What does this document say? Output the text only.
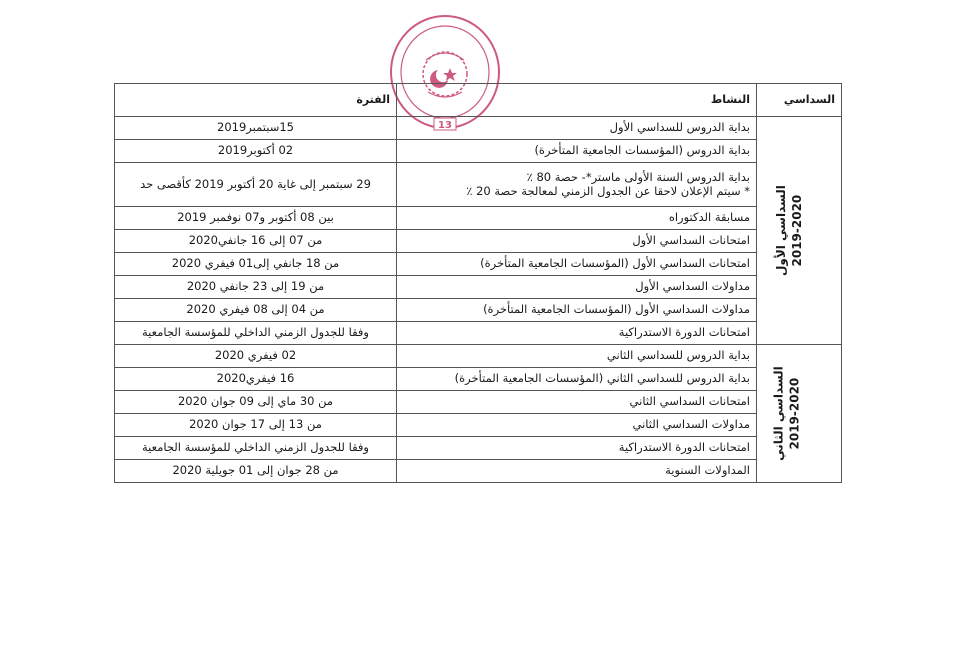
13
السداسي	النشاط	الفترة

السداسي الأول 2019-2020	بداية الدروس للسداسي الأول	15سبتمبر2019
	بداية الدروس (المؤسسات الجامعية المتأخرة)	02 أكتوبر2019

	بداية الدروس السنة الأولى ماستر*- حصة 80 ٪
* سيتم الإعلان لاحقا عن الجدول الزمني لمعالجة حصة 20 ٪	29 سبتمبر إلى غاية 20 أكتوبر 2019 كأقصى حد
	مسابقة الدكتوراه	بين 08 أكتوبر و07 نوفمبر 2019
	امتحانات السداسي الأول	من 07 إلى 16 جانفي2020
	امتحانات السداسي الأول (المؤسسات الجامعية المتأخرة)	من 18 جانفي إلى01 فيفري 2020
	مداولات السداسي الأول	من 19 إلى 23 جانفي 2020
	مداولات السداسي الأول (المؤسسات الجامعية المتأخرة)	من 04 إلى 08 فيفري 2020
	امتحانات الدورة الاستدراكية	وفقا للجدول الزمني الداخلي للمؤسسة الجامعية

السداسي الثاني 2019-2020	بداية الدروس للسداسي الثاني	02 فيفري 2020
	بداية الدروس للسداسي الثاني (المؤسسات الجامعية المتأخرة)	16 فيفري2020
	امتحانات السداسي الثاني	من 30 ماي إلى 09 جوان 2020
	مداولات السداسي الثاني	من 13 إلى 17 جوان 2020
	امتحانات الدورة الاستدراكية	وفقا للجدول الزمني الداخلي للمؤسسة الجامعية
	المداولات السنوية	من 28 جوان إلى 01 جويلية 2020
